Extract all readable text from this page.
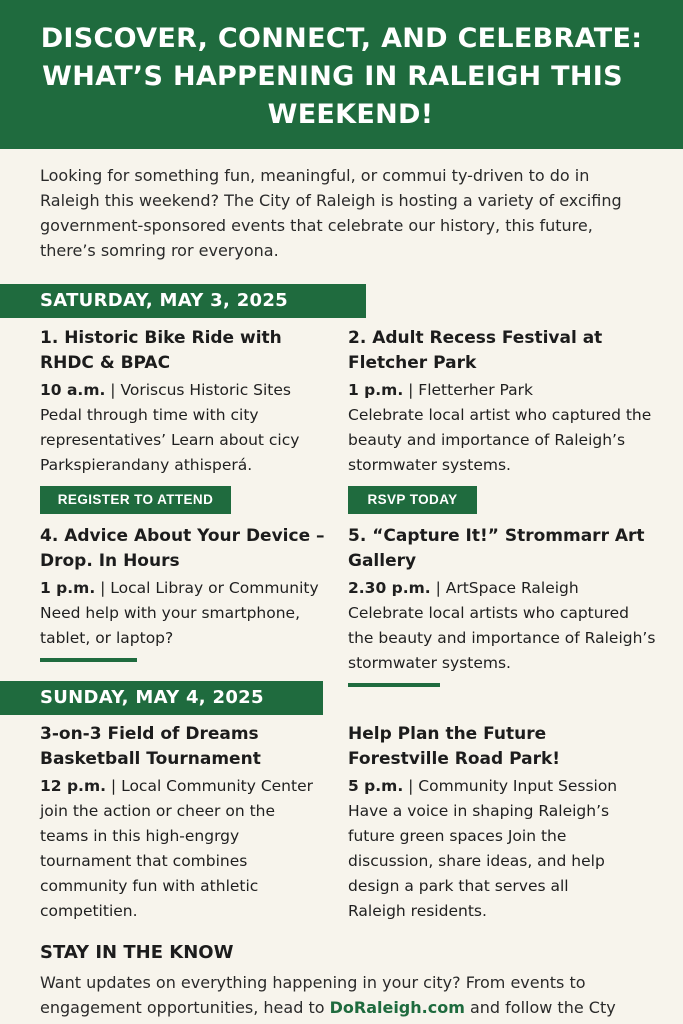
DISCOVER, CONNECT, AND CELEBRATE:
WHAT’S HAPPENING IN RALEIGH THIS
WEEKEND!

Looking for something fun, meaningful, or commui ty-driven to do in Raleigh this weekend? The City of Raleigh is hosting a variety of excifing government-sponsored events that celebrate our history, this future, there’s somring ror everyona.

SATURDAY, MAY 3, 2025
1. Historic Bike Ride with RHDC & BPAC
10 a.m. | Voriscus Historic Sites
Pedal through time with city representatives’ Learn about cicy Parkspierandany athisperá.
REGISTER TO ATTEND
2. Adult Recess Festival at Fletcher Park
1 p.m. | Fletterher Park
Celebrate local artist who captured the beauty and importance of Raleigh’s stormwater systems.
RSVP TODAY
4. Advice About Your Device – Drop. In Hours
1 p.m. | Local Libray or Community
Need help with your smartphone, tablet, or laptop?
5. “Capture It!” Strommarr Art Gallery
2.30 p.m. | ArtSpace Raleigh
Celebrate local artists who captured the beauty and importance of Raleigh’s stormwater systems.
SUNDAY, MAY 4, 2025
3-on-3 Field of Dreams Basketball Tournament
12 p.m. | Local Community Center
join the action or cheer on the teams in this high-engrgy tournament that combines community fun with athletic competitien.
Help Plan the Future Forestville Road Park!
5 p.m. | Community Input Session
Have a voice in shaping Raleigh’s future green spaces Join the discussion, share ideas, and help design a park that serves all Raleigh residents.
STAY IN THE KNOW

Want updates on everything happening in your city? From events to engagement opportunities, head to DoRaleigh.com and follow the Cty
